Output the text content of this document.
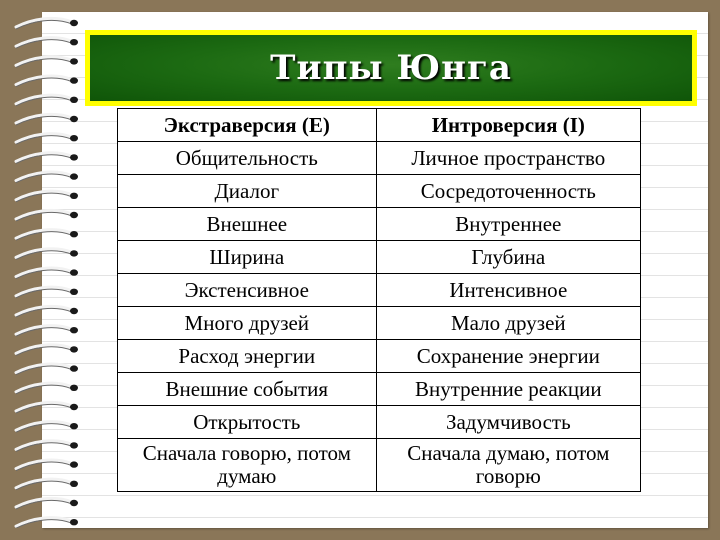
Типы Юнга
Экстраверсия (E)	Интроверсия (I)
Общительность	Личное пространство
Диалог	Сосредоточенность
Внешнее	Внутреннее
Ширина	Глубина
Экстенсивное	Интенсивное
Много друзей	Мало друзей
Расход энергии	Сохранение энергии
Внешние события	Внутренние реакции
Открытость	Задумчивость
Сначала говорю, потом думаю	Сначала думаю, потом говорю
